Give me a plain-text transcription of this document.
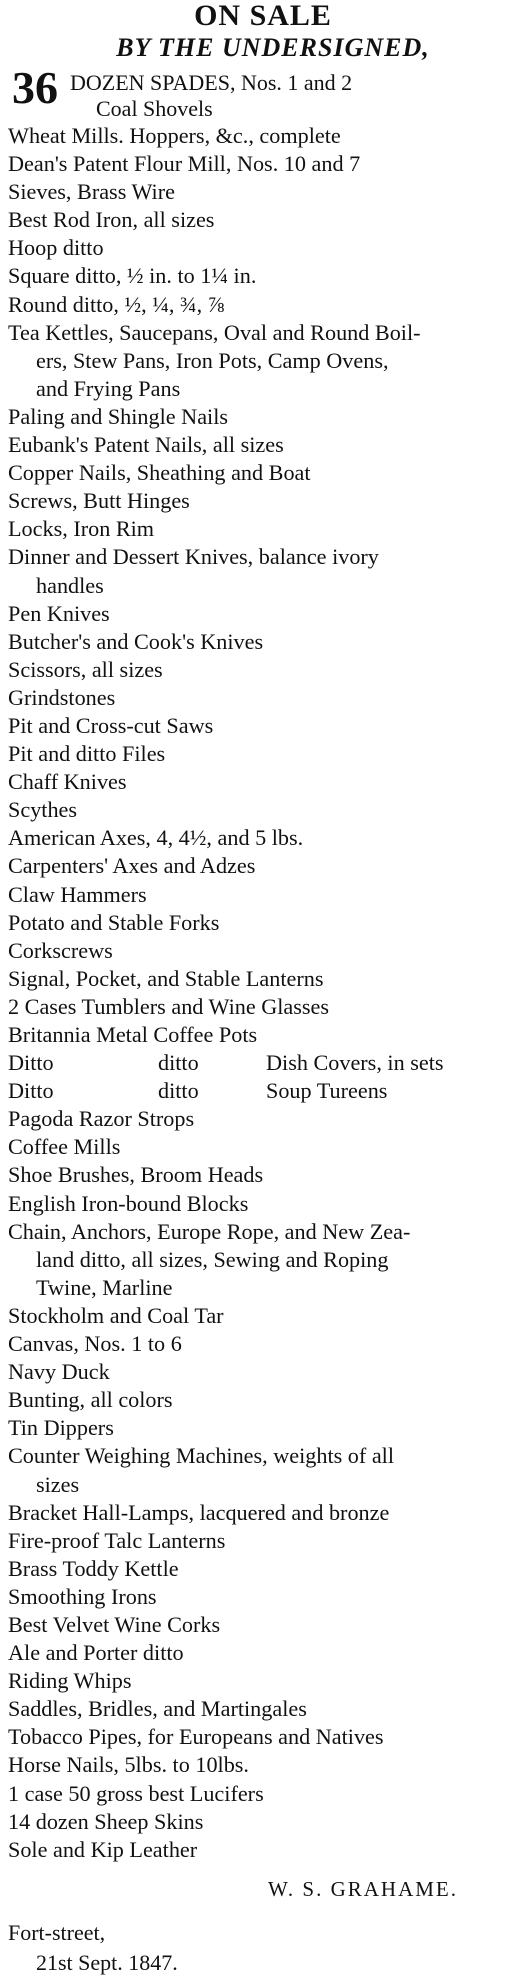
ON SALE
BY THE UNDERSIGNED,
36 DOZEN SPADES, Nos. 1 and 2
Coal Shovels
Wheat Mills. Hoppers, &c., complete
Dean's Patent Flour Mill, Nos. 10 and 7
Sieves, Brass Wire
Best Rod Iron, all sizes
Hoop ditto
Square ditto, ½ in. to 1¼ in.
Round ditto, ½, ¼, ¾, ⅞
Tea Kettles, Saucepans, Oval and Round Boil-
ers, Stew Pans, Iron Pots, Camp Ovens,
and Frying Pans
Paling and Shingle Nails
Eubank's Patent Nails, all sizes
Copper Nails, Sheathing and Boat
Screws, Butt Hinges
Locks, Iron Rim
Dinner and Dessert Knives, balance ivory
handles
Pen Knives
Butcher's and Cook's Knives
Scissors, all sizes
Grindstones
Pit and Cross-cut Saws
Pit and ditto Files
Chaff Knives
Scythes
American Axes, 4, 4½, and 5 lbs.
Carpenters' Axes and Adzes
Claw Hammers
Potato and Stable Forks
Corkscrews
Signal, Pocket, and Stable Lanterns
2 Cases Tumblers and Wine Glasses
Britannia Metal Coffee Pots
Ditto	ditto	Dish Covers, in sets
Ditto	ditto	Soup Tureens
Pagoda Razor Strops
Coffee Mills
Shoe Brushes, Broom Heads
English Iron-bound Blocks
Chain, Anchors, Europe Rope, and New Zea-
land ditto, all sizes, Sewing and Roping
Twine, Marline
Stockholm and Coal Tar
Canvas, Nos. 1 to 6
Navy Duck
Bunting, all colors
Tin Dippers
Counter Weighing Machines, weights of all
sizes
Bracket Hall-Lamps, lacquered and bronze
Fire-proof Talc Lanterns
Brass Toddy Kettle
Smoothing Irons
Best Velvet Wine Corks
Ale and Porter ditto
Riding Whips
Saddles, Bridles, and Martingales
Tobacco Pipes, for Europeans and Natives
Horse Nails, 5lbs. to 10lbs.
1 case 50 gross best Lucifers
14 dozen Sheep Skins
Sole and Kip Leather
W. S. GRAHAME.
Fort-street,
21st Sept. 1847.
